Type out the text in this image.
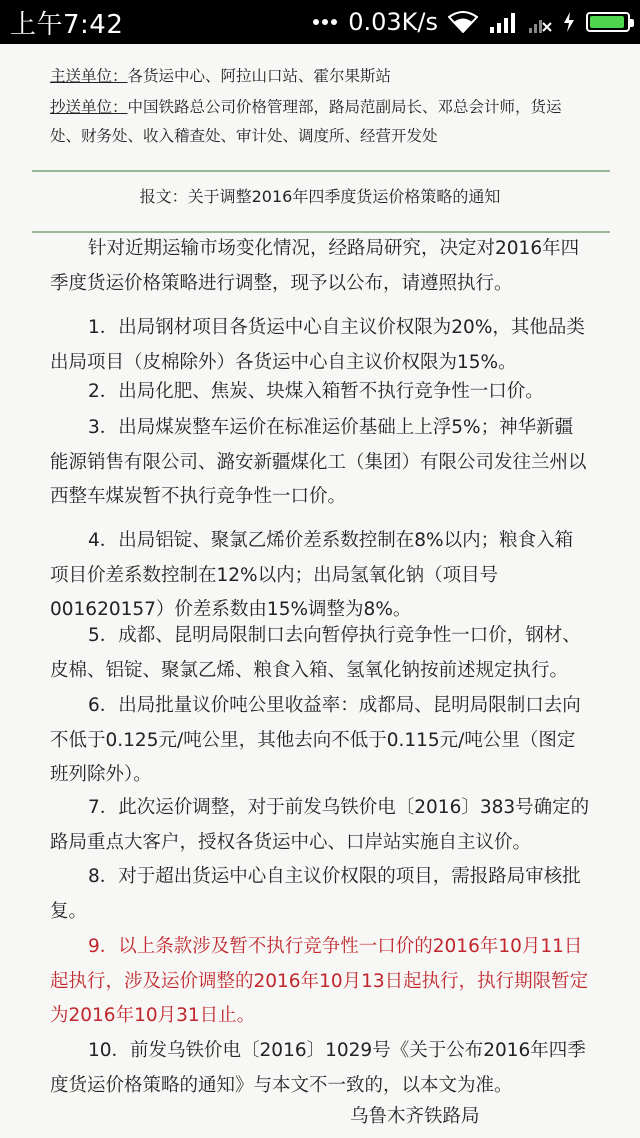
上午7:42	0.03K/s
主送单位：各货运中心、阿拉山口站、霍尔果斯站
抄送单位：中国铁路总公司价格管理部，路局范副局长、邓总会计师，货运
处、财务处、收入稽查处、审计处、调度所、经营开发处
报文：关于调整2016年四季度货运价格策略的通知

针对近期运输市场变化情况，经路局研究，决定对2016年四季度货运价格策略进行调整，现予以公布，请遵照执行。

1．出局钢材项目各货运中心自主议价权限为20%，其他品类出局项目（皮棉除外）各货运中心自主议价权限为15%。

2．出局化肥、焦炭、块煤入箱暂不执行竞争性一口价。

3．出局煤炭整车运价在标准运价基础上上浮5%；神华新疆能源销售有限公司、潞安新疆煤化工（集团）有限公司发往兰州以西整车煤炭暂不执行竞争性一口价。

4．出局铝锭、聚氯乙烯价差系数控制在8%以内；粮食入箱项目价差系数控制在12%以内；出局氢氧化钠（项目号001620157）价差系数由15%调整为8%。

5．成都、昆明局限制口去向暂停执行竞争性一口价，钢材、皮棉、铝锭、聚氯乙烯、粮食入箱、氢氧化钠按前述规定执行。

6．出局批量议价吨公里收益率：成都局、昆明局限制口去向不低于0.125元/吨公里，其他去向不低于0.115元/吨公里（图定班列除外）。

7．此次运价调整，对于前发乌铁价电〔2016〕383号确定的路局重点大客户，授权各货运中心、口岸站实施自主议价。

8．对于超出货运中心自主议价权限的项目，需报路局审核批复。

9．以上条款涉及暂不执行竞争性一口价的2016年10月11日起执行，涉及运价调整的2016年10月13日起执行，执行期限暂定为2016年10月31日止。

10．前发乌铁价电〔2016〕1029号《关于公布2016年四季度货运价格策略的通知》与本文不一致的，以本文为准。

乌鲁木齐铁路局
